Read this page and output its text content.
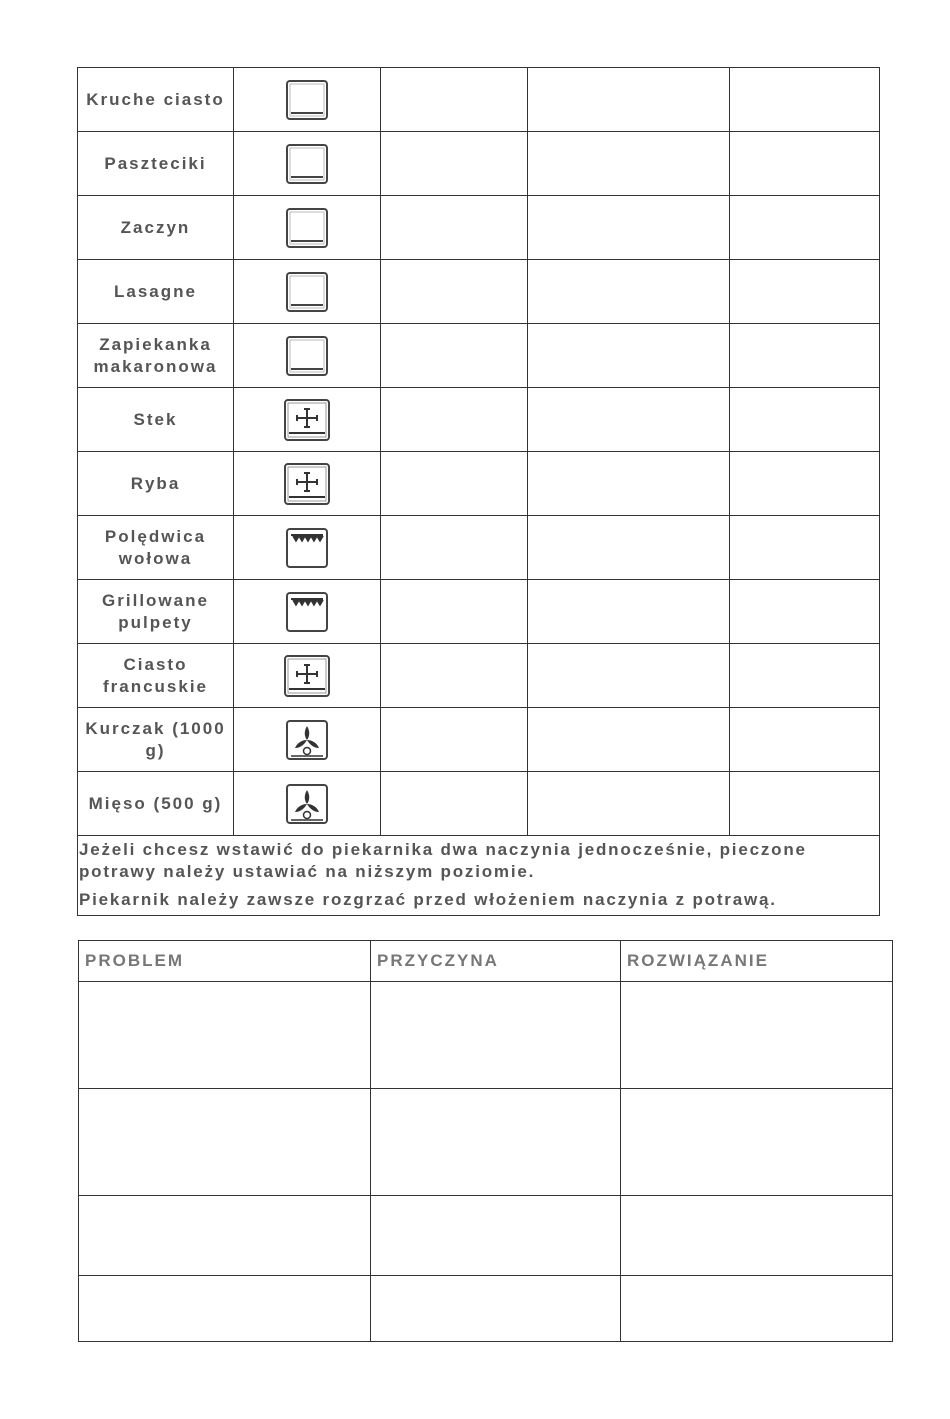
Kruche ciasto	

Paszteciki	

Zaczyn	

Lasagne	

Zapiekanka makaronowa	

Stek	

Ryba	

Polędwica wołowa	

Grillowane pulpety	

Ciasto francuskie	

Kurczak (1000 g)	

Mięso (500 g)	

Jeżeli chcesz wstawić do piekarnika dwa naczynia jednocześnie, pieczone potrawy należy ustawiać na niższym poziomie.

Piekarnik należy zawsze rozgrzać przed włożeniem naczynia z potrawą.				

PROBLEM	PRZYCZYNA	ROZWIĄZANIE
